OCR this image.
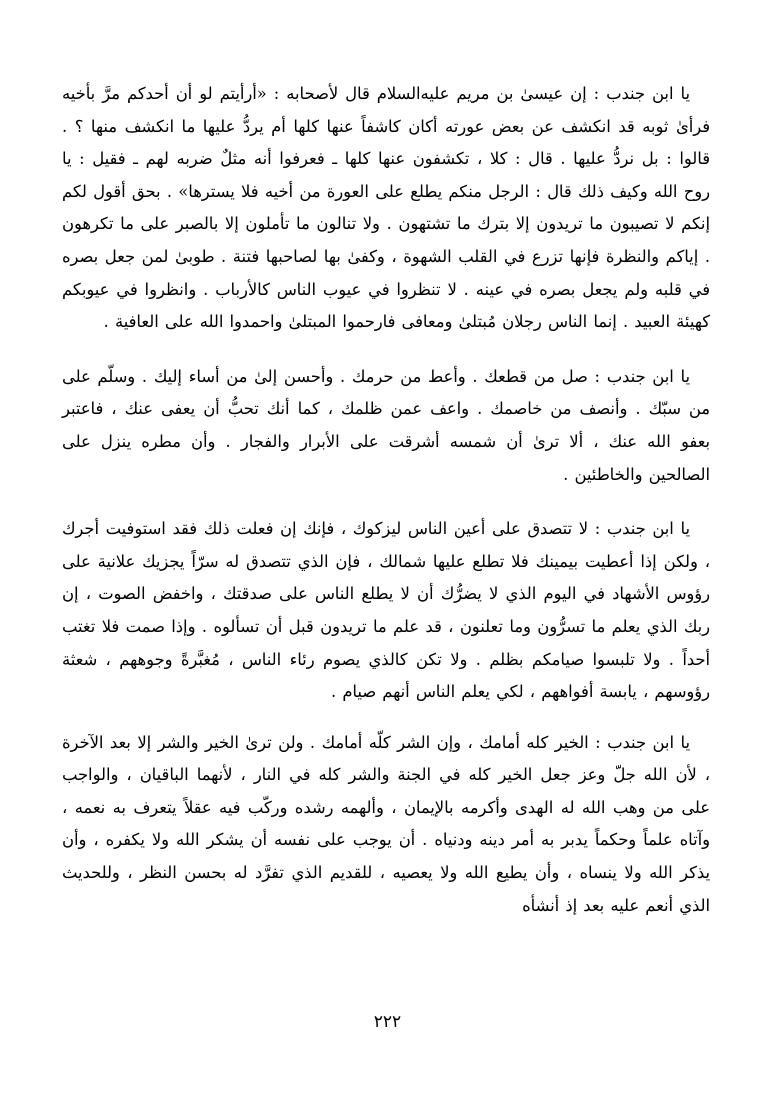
يا ابن جندب : إن عيسىٰ بن مريم عليه‌السلام قال لأصحابه : «أرأيتم لو أن أحدكم مرَّ بأخيه فرأىٰ ثوبه قد انكشف عن بعض عورته أكان كاشفاً عنها كلها أم يردُّ عليها ما انكشف منها ؟ . قالوا : بل نردُّ عليها . قال : كلا ، تكشفون عنها كلها ـ فعرفوا أنه مثلٌ ضربه لهم ـ فقيل : يا روح الله وكيف ذلك قال : الرجل منكم يطلع على العورة من أخيه فلا يسترها» . بحق أقول لكم إنكم لا تصيبون ما تريدون إلا بترك ما تشتهون . ولا تنالون ما تأملون إلا بالصبر على ما تكرهون . إياكم والنظرة فإنها تزرع في القلب الشهوة ، وكفىٰ بها لصاحبها فتنة . طوبىٰ لمن جعل بصره في قلبه ولم يجعل بصره في عينه . لا تنظروا في عيوب الناس كالأرباب . وانظروا في عيوبكم كهيئة العبيد . إنما الناس رجلان مُبتلىٰ ومعافى فارحموا المبتلىٰ واحمدوا الله على العافية .

يا ابن جندب : صل من قطعك . وأعط من حرمك . وأحسن إلىٰ من أساء إليك . وسلّم على من سبّك . وأنصف من خاصمك . واعف عمن ظلمك ، كما أنك تحبُّ أن يعفى عنك ، فاعتبر بعفو الله عنك ، ألا ترىٰ أن شمسه أشرقت على الأبرار والفجار . وأن مطره ينزل على الصالحين والخاطئين .

يا ابن جندب : لا تتصدق على أعين الناس ليزكوك ، فإنك إن فعلت ذلك فقد استوفيت أجرك ، ولكن إذا أعطيت بيمينك فلا تطلع عليها شمالك ، فإن الذي تتصدق له سرّاً يجزيك علانية على رؤوس الأشهاد في اليوم الذي لا يضرُّك أن لا يطلع الناس على صدقتك ، واخفض الصوت ، إن ربك الذي يعلم ما تسرُّون وما تعلنون ، قد علم ما تريدون قبل أن تسألوه . وإذا صمت فلا تغتب أحداً . ولا تلبسوا صيامكم بظلم . ولا تكن كالذي يصوم رئاء الناس ، مُغبَّرةً وجوههم ، شعثة رؤوسهم ، يابسة أفواههم ، لكي يعلم الناس أنهم صيام .

يا ابن جندب : الخير كله أمامك ، وإن الشر كلّه أمامك . ولن ترىٰ الخير والشر إلا بعد الآخرة ، لأن الله جلّ وعز جعل الخير كله في الجنة والشر كله في النار ، لأنهما الباقيان ، والواجب على من وهب الله له الهدى وأكرمه بالإيمان ، وألهمه رشده وركّب فيه عقلاً يتعرف به نعمه ، وآتاه علماً وحكماً يدبر به أمر دينه ودنياه . أن يوجب على نفسه أن يشكر الله ولا يكفره ، وأن يذكر الله ولا ينساه ، وأن يطيع الله ولا يعصيه ، للقديم الذي تفرَّد له بحسن النظر ، وللحديث الذي أنعم عليه بعد إذ أنشأه

٢٢٢
